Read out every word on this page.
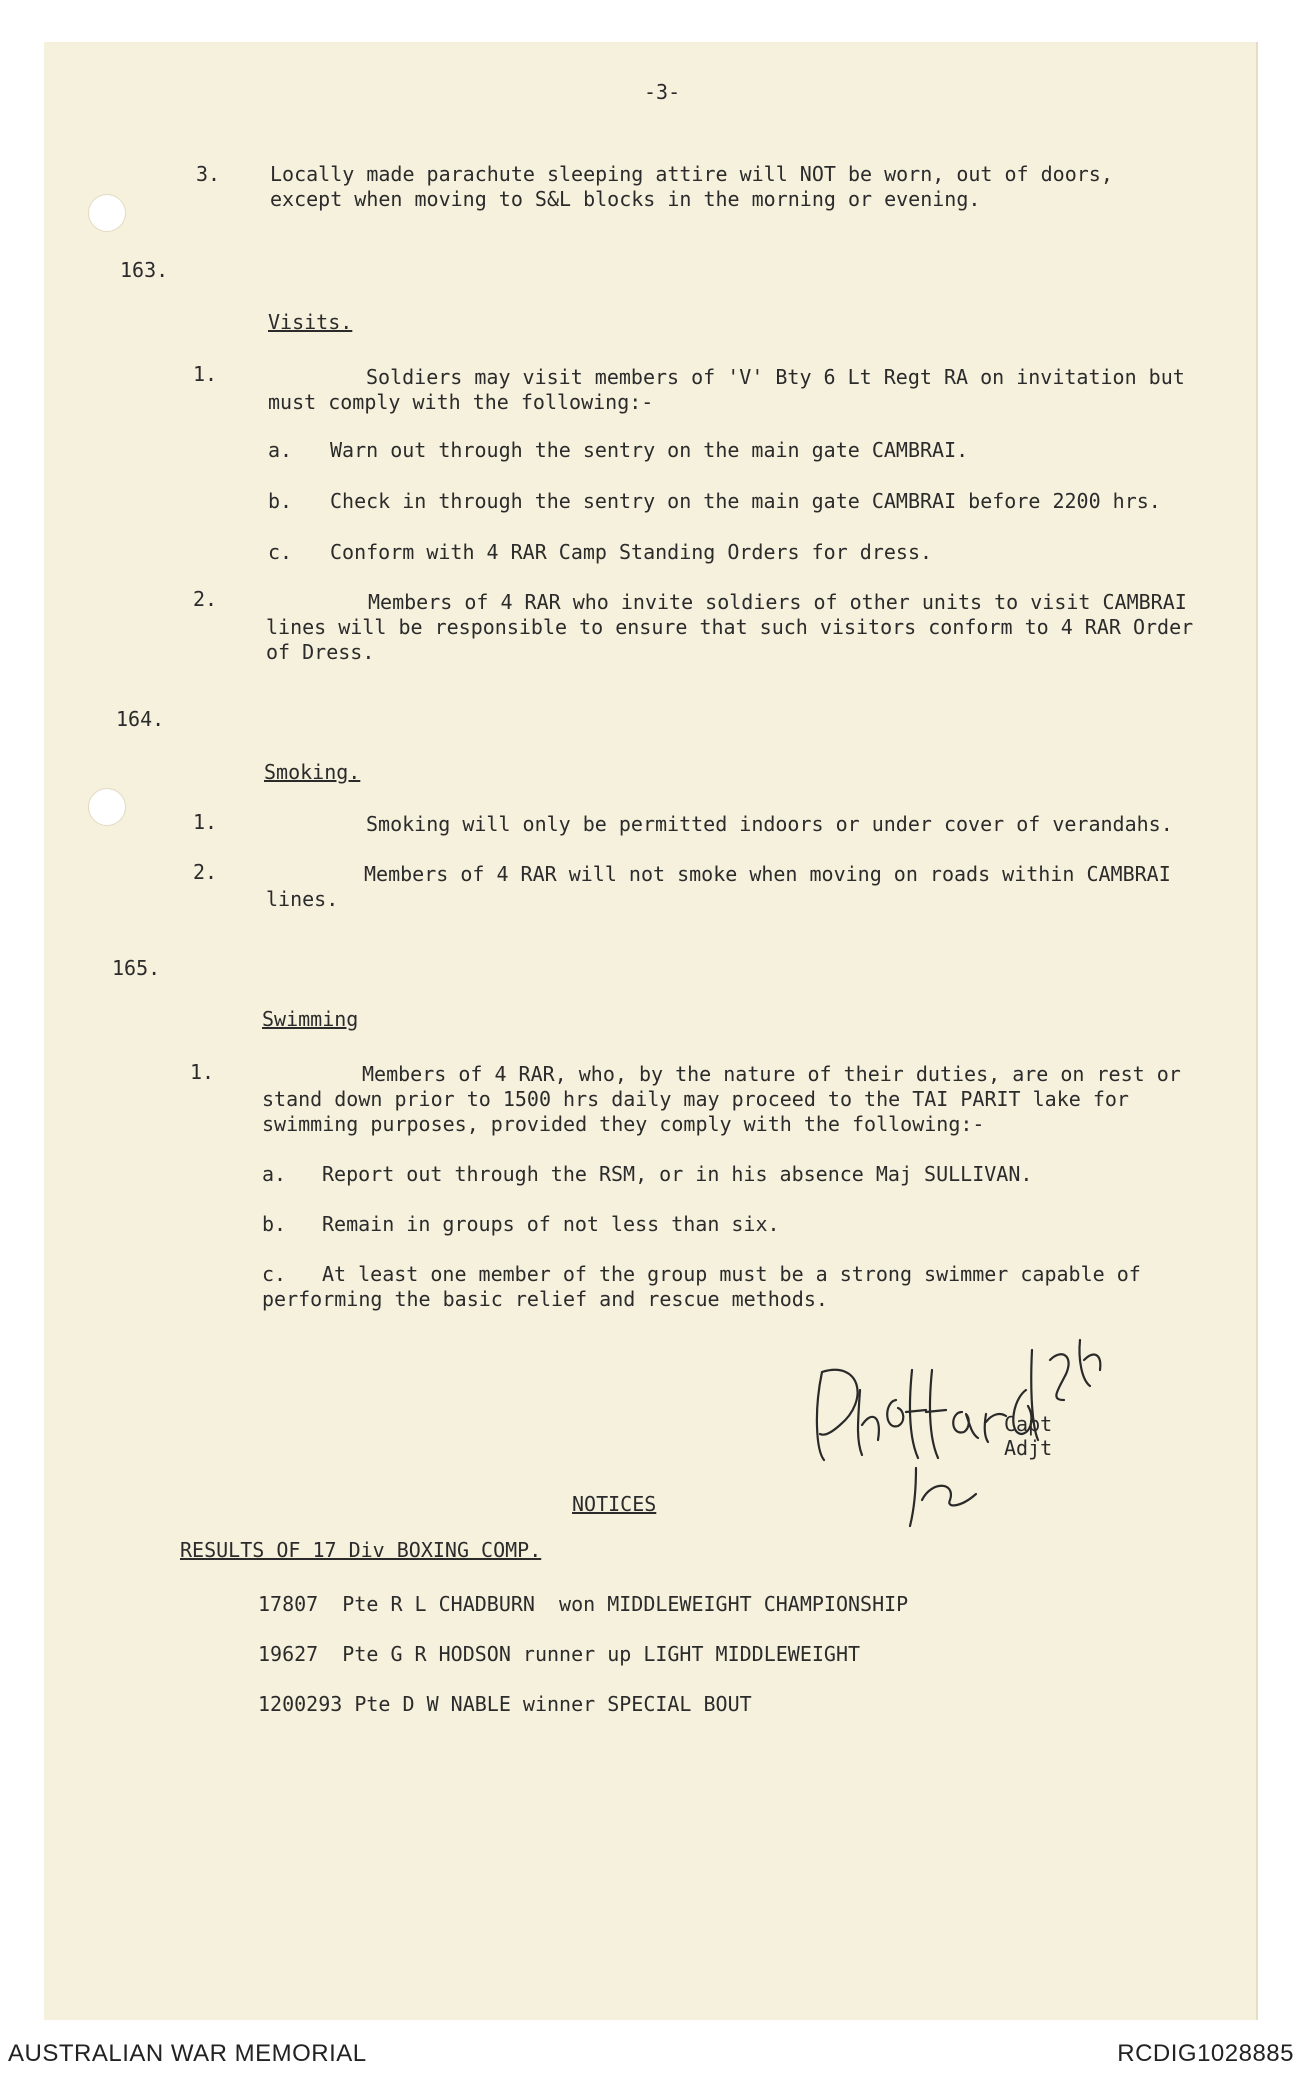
-3-
3. Locally made parachute sleeping attire will NOT be worn, out of doors, except when moving to S&L blocks in the morning or evening.
163.
Visits.
1.	Soldiers may visit members of 'V' Bty 6 Lt Regt RA on invitation but must comply with the following:-
a. Warn out through the sentry on the main gate CAMBRAI.
b. Check in through the sentry on the main gate CAMBRAI before 2200 hrs.
c. Conform with 4 RAR Camp Standing Orders for dress.
2.	Members of 4 RAR who invite soldiers of other units to visit CAMBRAI lines will be responsible to ensure that such visitors conform to 4 RAR Order of Dress.
164.
Smoking.
1.	Smoking will only be permitted indoors or under cover of verandahs.
2.	Members of 4 RAR will not smoke when moving on roads within CAMBRAI lines.
165.
Swimming
1.	Members of 4 RAR, who, by the nature of their duties, are on rest or stand down prior to 1500 hrs daily may proceed to the TAI PARIT lake for swimming purposes, provided they comply with the following:-
a. Report out through the RSM, or in his absence Maj SULLIVAN.
b. Remain in groups of not less than six.
c.	At least one member of the group must be a strong swimmer capable of performing the basic relief and rescue methods.
Capt
Adjt
NOTICES
RESULTS OF 17 Div BOXING COMP.
17807  Pte R L CHADBURN  won MIDDLEWEIGHT CHAMPIONSHIP
19627  Pte G R HODSON runner up LIGHT MIDDLEWEIGHT
1200293 Pte D W NABLE winner SPECIAL BOUT
AUSTRALIAN WAR MEMORIAL	RCDIG1028885
